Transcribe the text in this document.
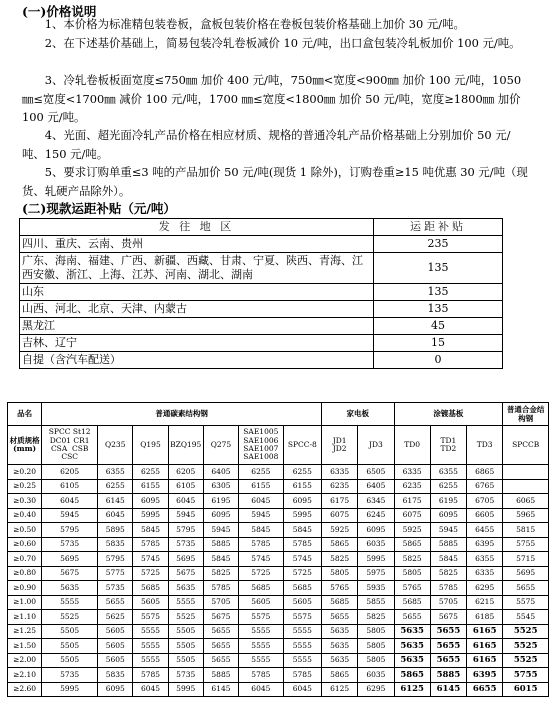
(一)价格说明

1、本价格为标准精包装卷板，盒板包装价格在卷板包装价格基础上加价 30 元/吨。

2、在下述基价基础上，简易包装冷轧卷板减价 10 元/吨，出口盒包装冷轧板加价 100 元/吨。

3、冷轧卷板板面宽度≤750㎜ 加价 400 元/吨，750㎜<宽度<900㎜ 加价 100 元/吨，1050 ㎜≤宽度<1700㎜ 减价 100 元/吨，1700 ㎜≤宽度<1800㎜ 加价 50 元/吨，宽度≥1800㎜ 加价 100 元/吨。

4、光面、超光面冷轧产品价格在相应材质、规格的普通冷轧产品价格基础上分别加价 50 元/吨、150 元/吨。

5、要求订购单重≤3 吨的产品加价 50 元/吨(现货 1 除外)，订购卷重≥15 吨优惠 30 元/吨（现货、轧硬产品除外）。

(二)现款运距补贴（元/吨）
发 往 地 区	运距补贴
四川、重庆、云南、贵州	235
广东、海南、福建、广西、新疆、西藏、甘肃、宁夏、陕西、青海、江西安徽、浙江、上海、江苏、河南、湖北、湖南	135
山东	135
山西、河北、北京、天津、内蒙古	135
黑龙江	45
吉林、辽宁	15
自提（含汽车配送）	0
品名	普通碳素结构钢							家电板		涂镀基板			普通合金结构钢
材质规格(mm)	SPCC St12
DC01 CR1
CSA  CSB
CSC	Q235	Q195	BZQ195	Q275	SAE1005
SAE1006
SAE1007
SAE1008	SPCC-8	JD1
JD2	JD3	TD0	TD1
TD2	TD3	SPCCB
≥0.20	6205	6355	6255	6205	6405	6255	6255	6335	6505	6335	6355	6865	
≥0.25	6105	6255	6155	6105	6305	6155	6155	6235	6405	6235	6255	6765	
≥0.30	6045	6145	6095	6045	6195	6045	6095	6175	6345	6175	6195	6705	6065
≥0.40	5945	6045	5995	5945	6095	5945	5995	6075	6245	6075	6095	6605	5965
≥0.50	5795	5895	5845	5795	5945	5845	5845	5925	6095	5925	5945	6455	5815
≥0.60	5735	5835	5785	5735	5885	5785	5785	5865	6035	5865	5885	6395	5755
≥0.70	5695	5795	5745	5695	5845	5745	5745	5825	5995	5825	5845	6355	5715
≥0.80	5675	5775	5725	5675	5825	5725	5725	5805	5975	5805	5825	6335	5695
≥0.90	5635	5735	5685	5635	5785	5685	5685	5765	5935	5765	5785	6295	5655
≥1.00	5555	5655	5605	5555	5705	5605	5605	5685	5855	5685	5705	6215	5575
≥1.10	5525	5625	5575	5525	5675	5575	5575	5655	5825	5655	5675	6185	5545
≥1.25	5505	5605	5555	5505	5655	5555	5555	5635	5805	5635	5655	6165	5525
≥1.50	5505	5605	5555	5505	5655	5555	5555	5635	5805	5635	5655	6165	5525
≥2.00	5505	5605	5555	5505	5655	5555	5555	5635	5805	5635	5655	6165	5525
≥2.10	5735	5835	5785	5735	5885	5785	5785	5865	6035	5865	5885	6395	5755
≥2.60	5995	6095	6045	5995	6145	6045	6045	6125	6295	6125	6145	6655	6015
